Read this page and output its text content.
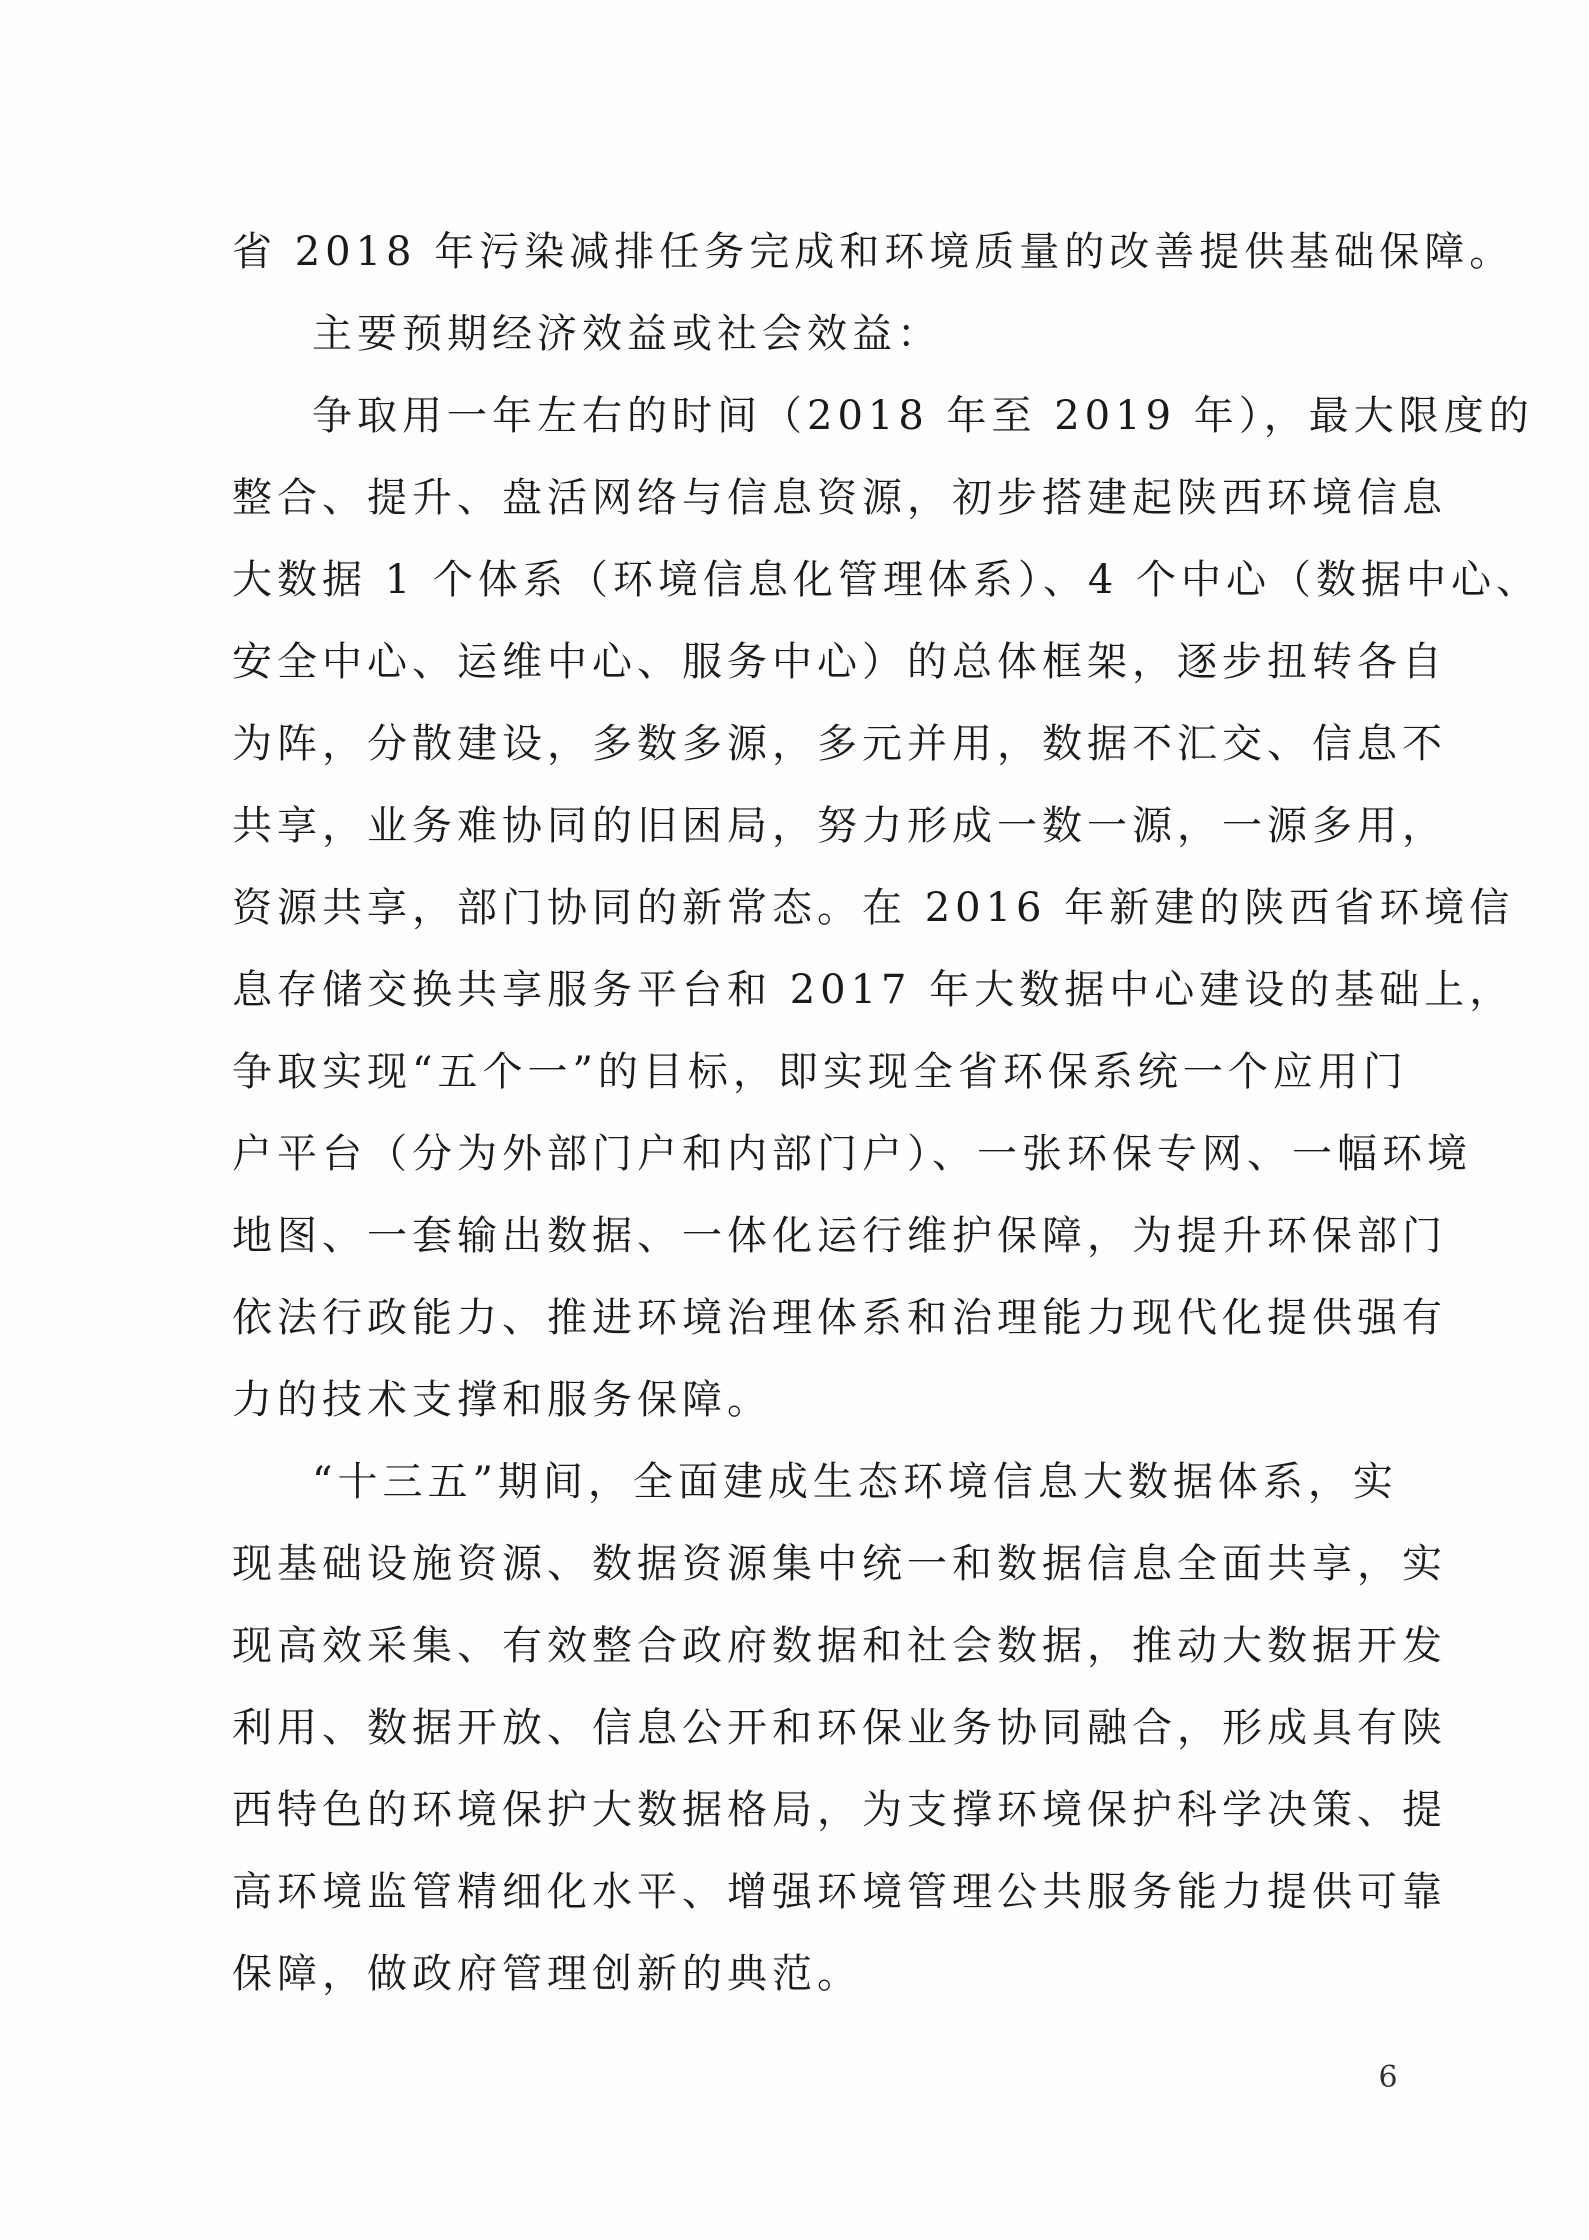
省 2018 年污染减排任务完成和环境质量的改善提供基础保障。
主要预期经济效益或社会效益：
争取用一年左右的时间（2018 年至 2019 年），最大限度的
整合、提升、盘活网络与信息资源，初步搭建起陕西环境信息
大数据 1 个体系（环境信息化管理体系）、4 个中心（数据中心、
安全中心、运维中心、服务中心）的总体框架，逐步扭转各自
为阵，分散建设，多数多源，多元并用，数据不汇交、信息不
共享，业务难协同的旧困局，努力形成一数一源，一源多用，
资源共享，部门协同的新常态。在 2016 年新建的陕西省环境信
息存储交换共享服务平台和 2017 年大数据中心建设的基础上，
争取实现“五个一”的目标，即实现全省环保系统一个应用门
户平台（分为外部门户和内部门户）、一张环保专网、一幅环境
地图、一套输出数据、一体化运行维护保障，为提升环保部门
依法行政能力、推进环境治理体系和治理能力现代化提供强有
力的技术支撑和服务保障。
“十三五”期间，全面建成生态环境信息大数据体系，实
现基础设施资源、数据资源集中统一和数据信息全面共享，实
现高效采集、有效整合政府数据和社会数据，推动大数据开发
利用、数据开放、信息公开和环保业务协同融合，形成具有陕
西特色的环境保护大数据格局，为支撑环境保护科学决策、提
高环境监管精细化水平、增强环境管理公共服务能力提供可靠
保障，做政府管理创新的典范。
6
